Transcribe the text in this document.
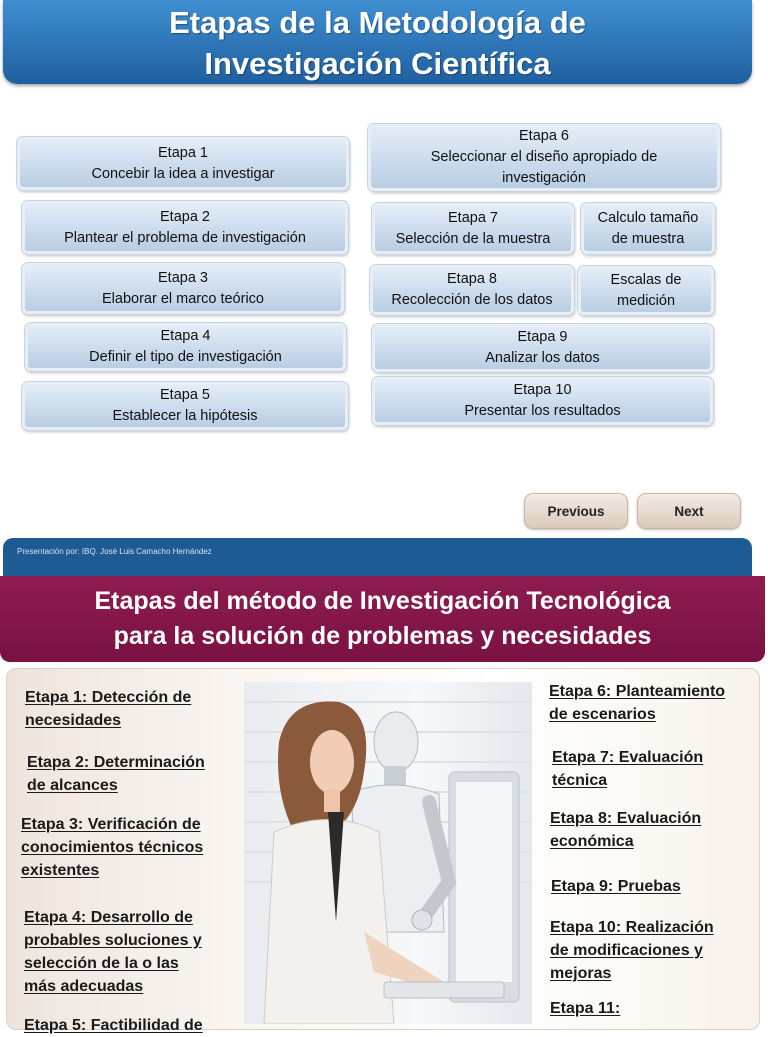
Etapas de la Metodología de
Investigación Científica
Etapa 1
Concebir la idea a investigar
Etapa 2
Plantear el problema de investigación
Etapa 3
Elaborar el marco teórico
Etapa 4
Definir el tipo de investigación
Etapa 5
Establecer la hipótesis
Etapa 6
Seleccionar el diseño apropiado de
investigación
Etapa 7
Selección de la muestra
Calculo tamaño
de muestra
Etapa 8
Recolección de los datos
Escalas de
medición
Etapa 9
Analizar los datos
Etapa 10
Presentar los resultados
Previous	Next
Presentación por: IBQ. José Luis Camacho Hernández
Etapas del método de Investigación Tecnológica
para la solución de problemas y necesidades
Etapa 1: Detección de
necesidades
Etapa 2: Determinación
de alcances
Etapa 3: Verificación de
conocimientos técnicos
existentes
Etapa 4: Desarrollo de
probables soluciones y
selección de la o las
más adecuadas
Etapa 5: Factibilidad de
Etapa 6: Planteamiento
de escenarios
Etapa 7: Evaluación
técnica
Etapa 8: Evaluación
económica
Etapa 9: Pruebas
Etapa 10: Realización
de modificaciones y
mejoras
Etapa 11:
